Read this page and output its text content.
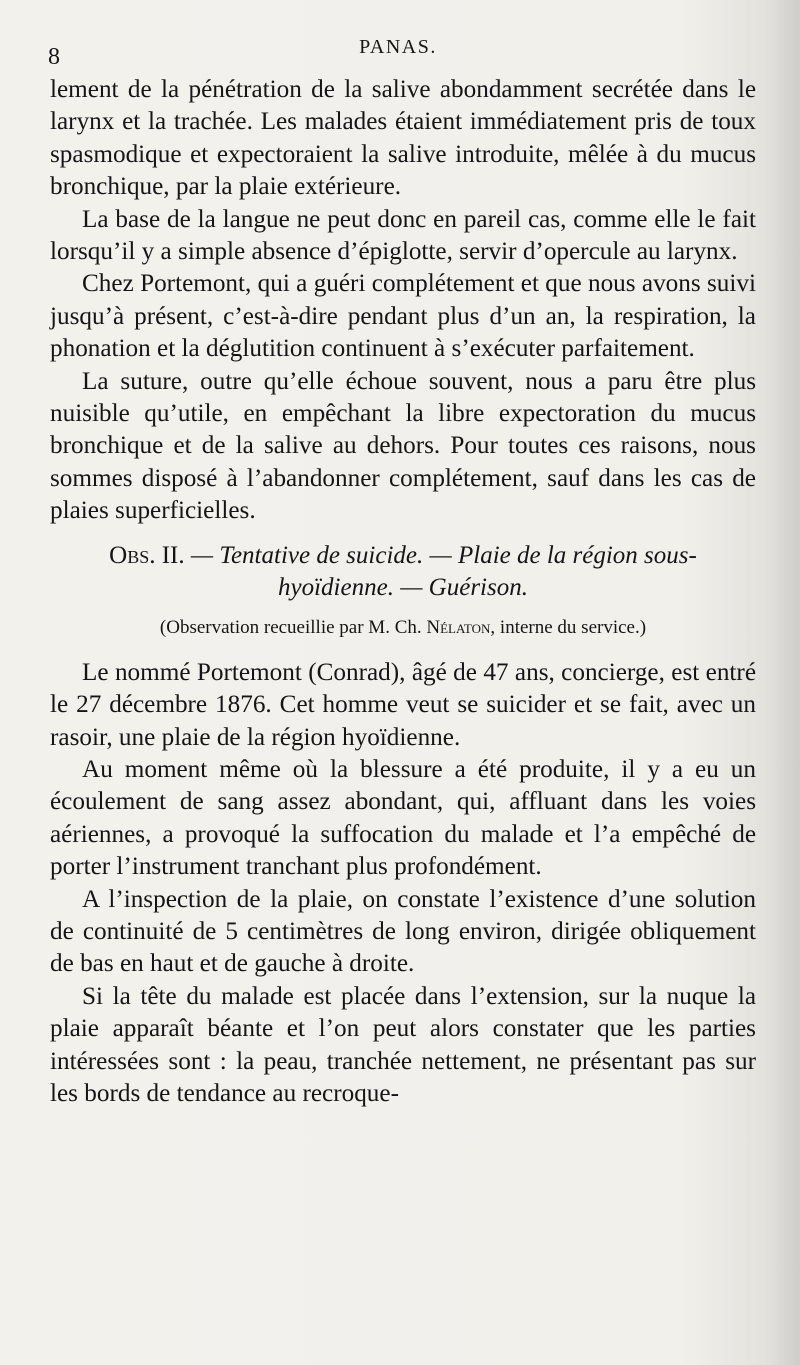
8	PANAS.

lement de la pénétration de la salive abondamment secrétée dans le larynx et la trachée. Les malades étaient immédiatement pris de toux spasmodique et expectoraient la salive introduite, mêlée à du mucus bronchique, par la plaie extérieure.

La base de la langue ne peut donc en pareil cas, comme elle le fait lorsqu’il y a simple absence d’épiglotte, servir d’opercule au larynx.

Chez Portemont, qui a guéri complétement et que nous avons suivi jusqu’à présent, c’est-à-dire pendant plus d’un an, la respiration, la phonation et la déglutition continuent à s’exécuter parfaitement.

La suture, outre qu’elle échoue souvent, nous a paru être plus nuisible qu’utile, en empêchant la libre expectoration du mucus bronchique et de la salive au dehors. Pour toutes ces raisons, nous sommes disposé à l’abandonner complétement, sauf dans les cas de plaies superficielles.

Obs. II. — Tentative de suicide. — Plaie de la région sous-
hyoïdienne. — Guérison.
(Observation recueillie par M. Ch. Nélaton, interne du service.)

Le nommé Portemont (Conrad), âgé de 47 ans, concierge, est entré le 27 décembre 1876. Cet homme veut se suicider et se fait, avec un rasoir, une plaie de la région hyoïdienne.

Au moment même où la blessure a été produite, il y a eu un écoulement de sang assez abondant, qui, affluant dans les voies aériennes, a provoqué la suffocation du malade et l’a empêché de porter l’instrument tranchant plus profondément.

A l’inspection de la plaie, on constate l’existence d’une solution de continuité de 5 centimètres de long environ, dirigée obliquement de bas en haut et de gauche à droite.

Si la tête du malade est placée dans l’extension, sur la nuque la plaie apparaît béante et l’on peut alors constater que les parties intéressées sont : la peau, tranchée nettement, ne présentant pas sur les bords de tendance au recroque-
